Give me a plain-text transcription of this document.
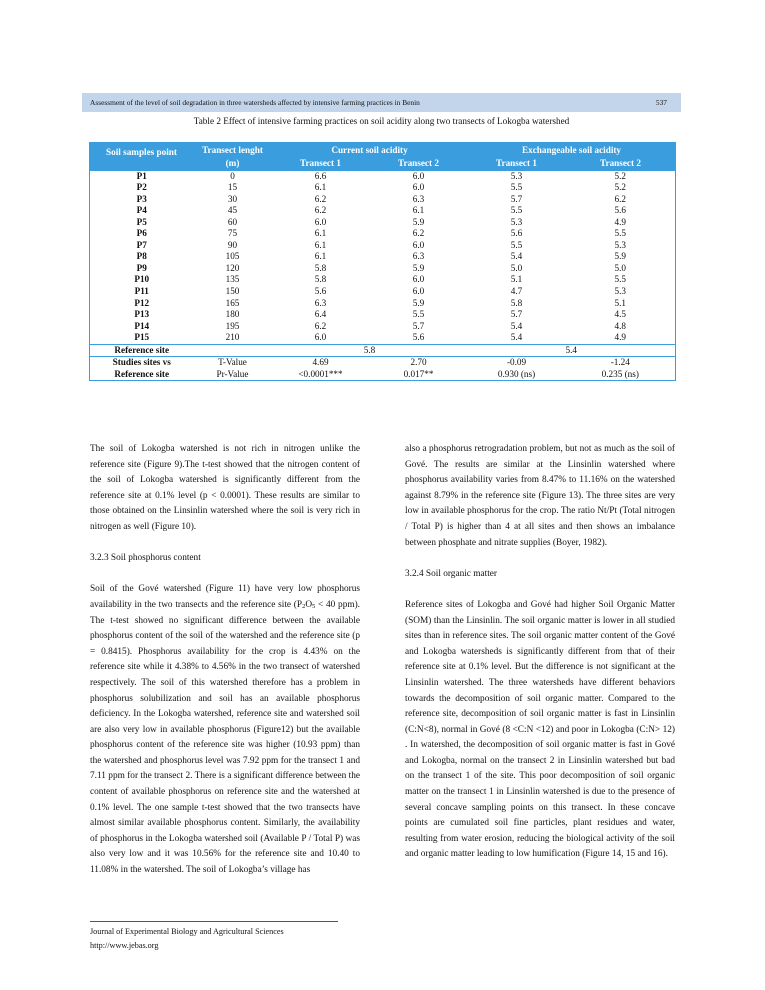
Assessment of the level of soil degradation in three watersheds affected by intensive farming practices in Benin	537
Table 2 Effect of intensive farming practices on soil acidity along two transects of Lokogba watershed
Soil samples point	Transect lenght	Current soil acidity		Exchangeable soil acidity	
	(m)	Transect 1	Transect 2	Transect 1	Transect 2
P1	0	6.6	6.0	5.3	5.2
P2	15	6.1	6.0	5.5	5.2
P3	30	6.2	6.3	5.7	6.2
P4	45	6.2	6.1	5.5	5.6
P5	60	6.0	5.9	5.3	4.9
P6	75	6.1	6.2	5.6	5.5
P7	90	6.1	6.0	5.5	5.3
P8	105	6.1	6.3	5.4	5.9
P9	120	5.8	5.9	5.0	5.0
P10	135	5.8	6.0	5.1	5.5
P11	150	5.6	6.0	4.7	5.3
P12	165	6.3	5.9	5.8	5.1
P13	180	6.4	5.5	5.7	4.5
P14	195	6.2	5.7	5.4	4.8
P15	210	6.0	5.6	5.4	4.9
Reference site		5.8		5.4	
Studies sites vs	T-Value	4.69	2.70	-0.09	-1.24
Reference site	Pr-Value	<0.0001***	0.017**	0.930 (ns)	0.235 (ns)

The soil of Lokogba watershed is not rich in nitrogen unlike the reference site (Figure 9).The t-test showed that the nitrogen content of the soil of Lokogba watershed is significantly different from the reference site at 0.1% level (p < 0.0001). These results are similar to those obtained on the Linsinlin watershed where the soil is very rich in nitrogen as well (Figure 10).

3.2.3 Soil phosphorus content

Soil of the Gové watershed (Figure 11) have very low phosphorus availability in the two transects and the reference site ($P_2O_5 < 40$ ppm). The t-test showed no significant difference between the available phosphorus content of the soil of the watershed and the reference site (p = 0.8415). Phosphorus availability for the crop is 4.43% on the reference site while it 4.38% to 4.56% in the two transect of watershed respectively. The soil of this watershed therefore has a problem in phosphorus solubilization and soil has an available phosphorus deficiency. In the Lokogba watershed, reference site and watershed soil are also very low in available phosphorus (Figure12) but the available phosphorus content of the reference site was higher (10.93 ppm) than the watershed and phosphorus level was 7.92 ppm for the transect 1 and 7.11 ppm for the transect 2. There is a significant difference between the content of available phosphorus on reference site and the watershed at 0.1% level. The one sample t-test showed that the two transects have almost similar available phosphorus content. Similarly, the availability of phosphorus in the Lokogba watershed soil (Available P / Total P) was also very low and it was 10.56% for the reference site and 10.40 to 11.08% in the watershed. The soil of Lokogba’s village has

also a phosphorus retrogradation problem, but not as much as the soil of Gové. The results are similar at the Linsinlin watershed where phosphorus availability varies from 8.47% to 11.16% on the watershed against 8.79% in the reference site (Figure 13). The three sites are very low in available phosphorus for the crop. The ratio Nt/Pt (Total nitrogen / Total P) is higher than 4 at all sites and then shows an imbalance between phosphate and nitrate supplies (Boyer, 1982).

3.2.4 Soil organic matter

Reference sites of Lokogba and Gové had higher Soil Organic Matter (SOM) than the Linsinlin. The soil organic matter is lower in all studied sites than in reference sites. The soil organic matter content of the Gové and Lokogba watersheds is significantly different from that of their reference site at 0.1% level. But the difference is not significant at the Linsinlin watershed. The three watersheds have different behaviors towards the decomposition of soil organic matter. Compared to the reference site, decomposition of soil organic matter is fast in Linsinlin (C:N<8), normal in Gové (8 <C:N <12) and poor in Lokogba (C:N> 12) . In watershed, the decomposition of soil organic matter is fast in Gové and Lokogba, normal on the transect 2 in Linsinlin watershed but bad on the transect 1 of the site. This poor decomposition of soil organic matter on the transect 1 in Linsinlin watershed is due to the presence of several concave sampling points on this transect. In these concave points are cumulated soil fine particles, plant residues and water, resulting from water erosion, reducing the biological activity of the soil and organic matter leading to low humification (Figure 14, 15 and 16).

Journal of Experimental Biology and Agricultural Sciences
http://www.jebas.org
